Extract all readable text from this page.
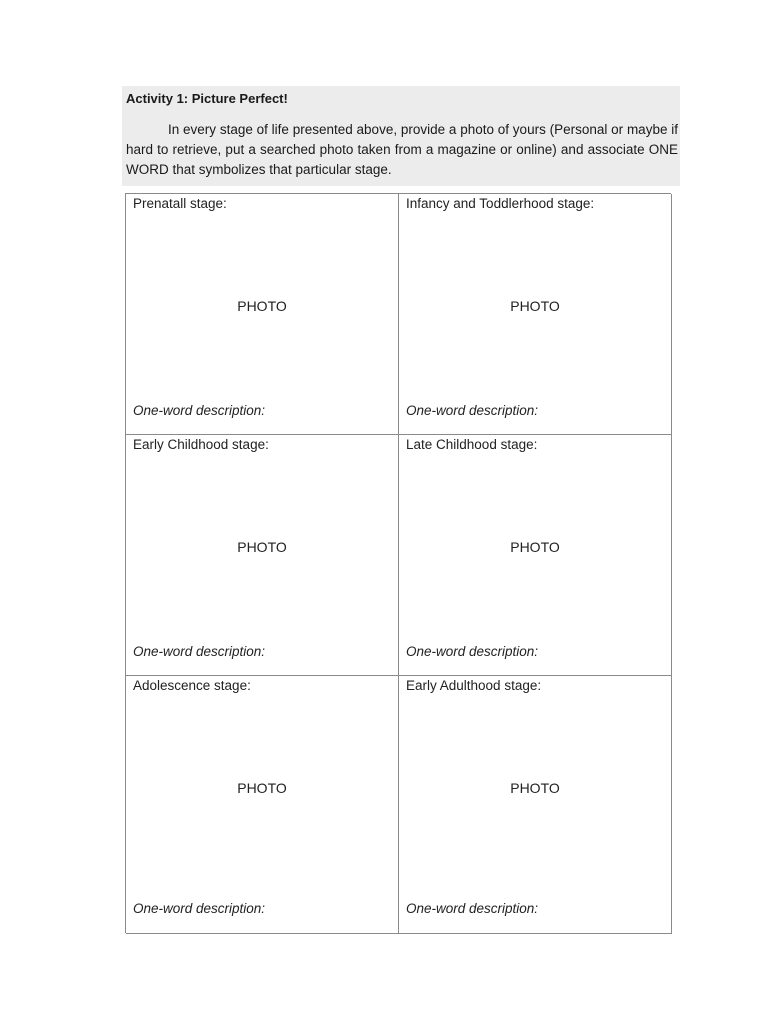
Activity 1: Picture Perfect!
In every stage of life presented above, provide a photo of yours (Personal or maybe if hard to retrieve, put a searched photo taken from a magazine or online) and associate ONE WORD that symbolizes that particular stage.
Prenatall stage:
PHOTO
One-word description:
Infancy and Toddlerhood stage:
PHOTO
One-word description:
Early Childhood stage:
PHOTO
One-word description:
Late Childhood stage:
PHOTO
One-word description:
Adolescence stage:
PHOTO
One-word description:
Early Adulthood stage:
PHOTO
One-word description:
